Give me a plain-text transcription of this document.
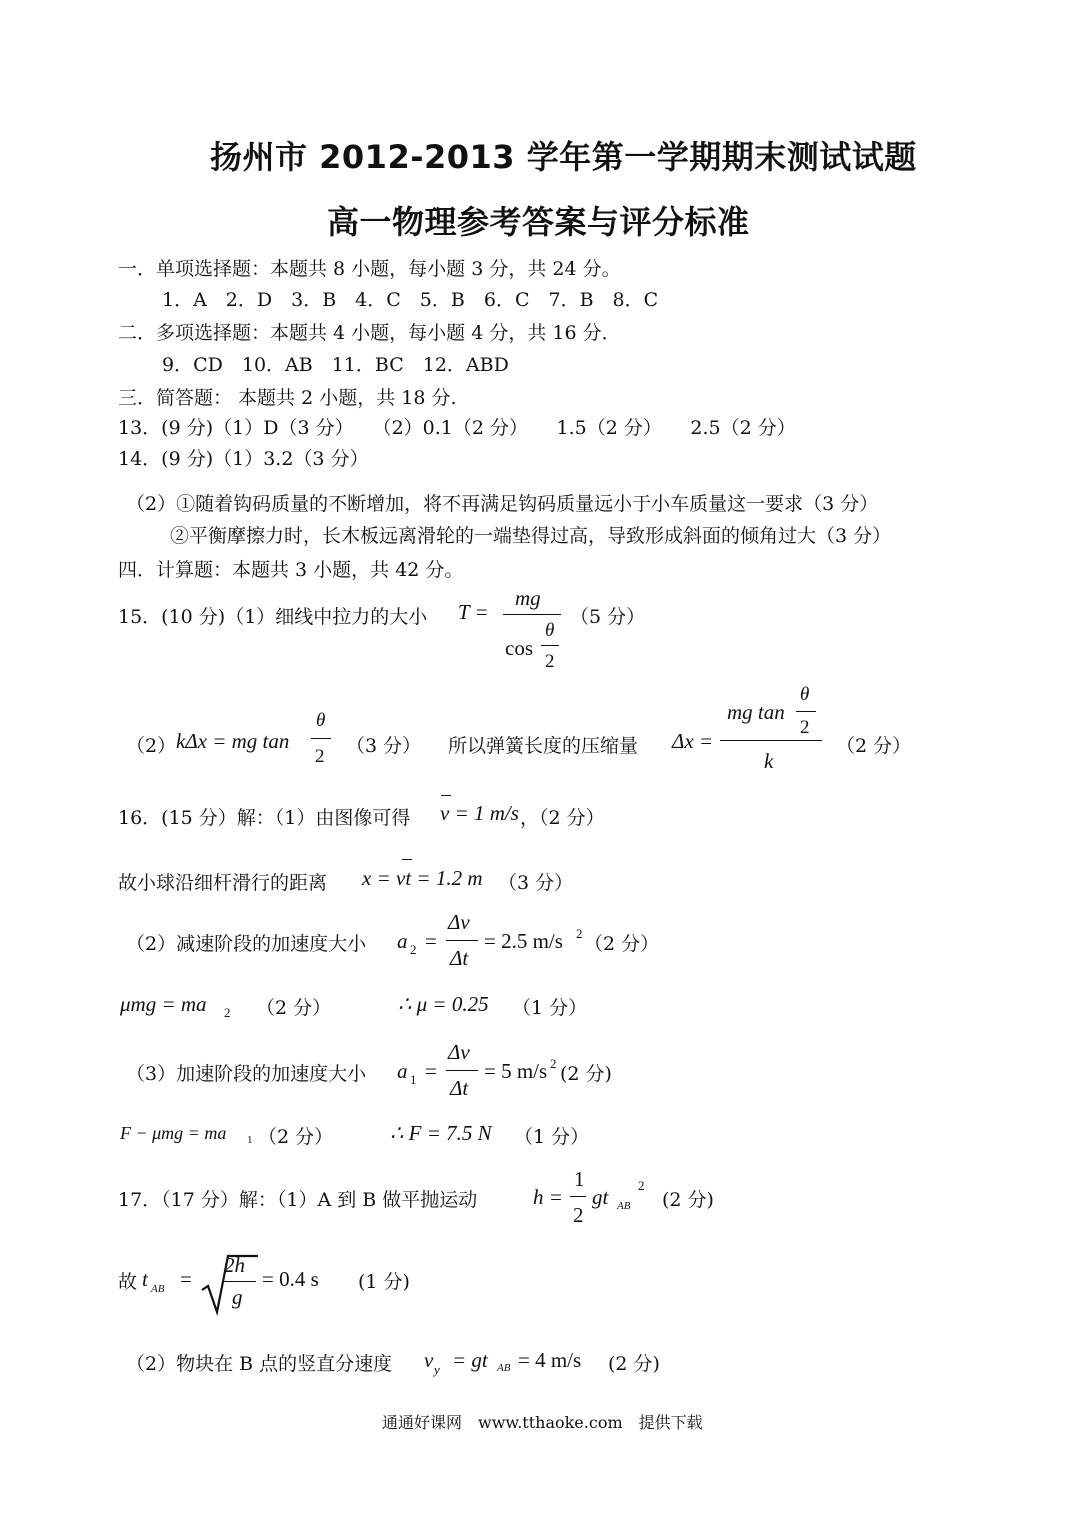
扬州市 2012-2013 学年第一学期期末测试试题
高一物理参考答案与评分标准
一．单项选择题：本题共 8 小题，每小题 3 分，共 24 分。
1．A　2．D　3．B　4．C　5．B　6．C　7．B　8．C
二．多项选择题：本题共 4 小题，每小题 4 分，共 16 分．
9．CD　10．AB　11．BC　12．ABD
三．简答题： 本题共 2 小题，共 18 分.
13．(9 分)（1）D（3 分）　　（2）0.1（2 分）　　1.5（2 分）　　2.5（2 分）
14．(9 分)（1）3.2（3 分）
（2）①随着钩码质量的不断增加，将不再满足钩码质量远小于小车质量这一要求（3 分）
②平衡摩擦力时，长木板远离滑轮的一端垫得过高，导致形成斜面的倾角过大（3 分）
四．计算题：本题共 3 小题，共 42 分。
15．(10 分)（1）细线中拉力的大小 T =
mg
cos
θ
2
（5 分）
（2） kΔx = mg tan
θ
2 （3 分） 所以弹簧长度的压缩量 Δx =
mg tan
θ
2
k
（2 分）
16．(15 分）解：（1）由图像可得 v = 1 m/s ，（2 分）
故小球沿细杆滑行的距离 x = vt = 1.2 m （3 分）
（2）减速阶段的加速度大小 a 2 =
Δv
Δt
= 2.5 m/s 2 （2 分）
μmg = ma 2 （2 分）	∴ μ = 0.25 （1 分）
（3）加速阶段的加速度大小 a 1 =
Δv
Δt
= 5 m/s 2 (2 分)
F − μmg = ma 1 （2 分）	∴ F = 7.5 N （1 分）
17．（17 分）解：（1）A 到 B 做平抛运动	h =
1
2
gt AB
2
(2 分)
故 t AB =
2h
g
= 0.4 s (1 分)
（2）物块在 B 点的竖直分速度 v y = gt AB = 4 m/s (2 分)
通通好课网　www.tthaoke.com　提供下载
